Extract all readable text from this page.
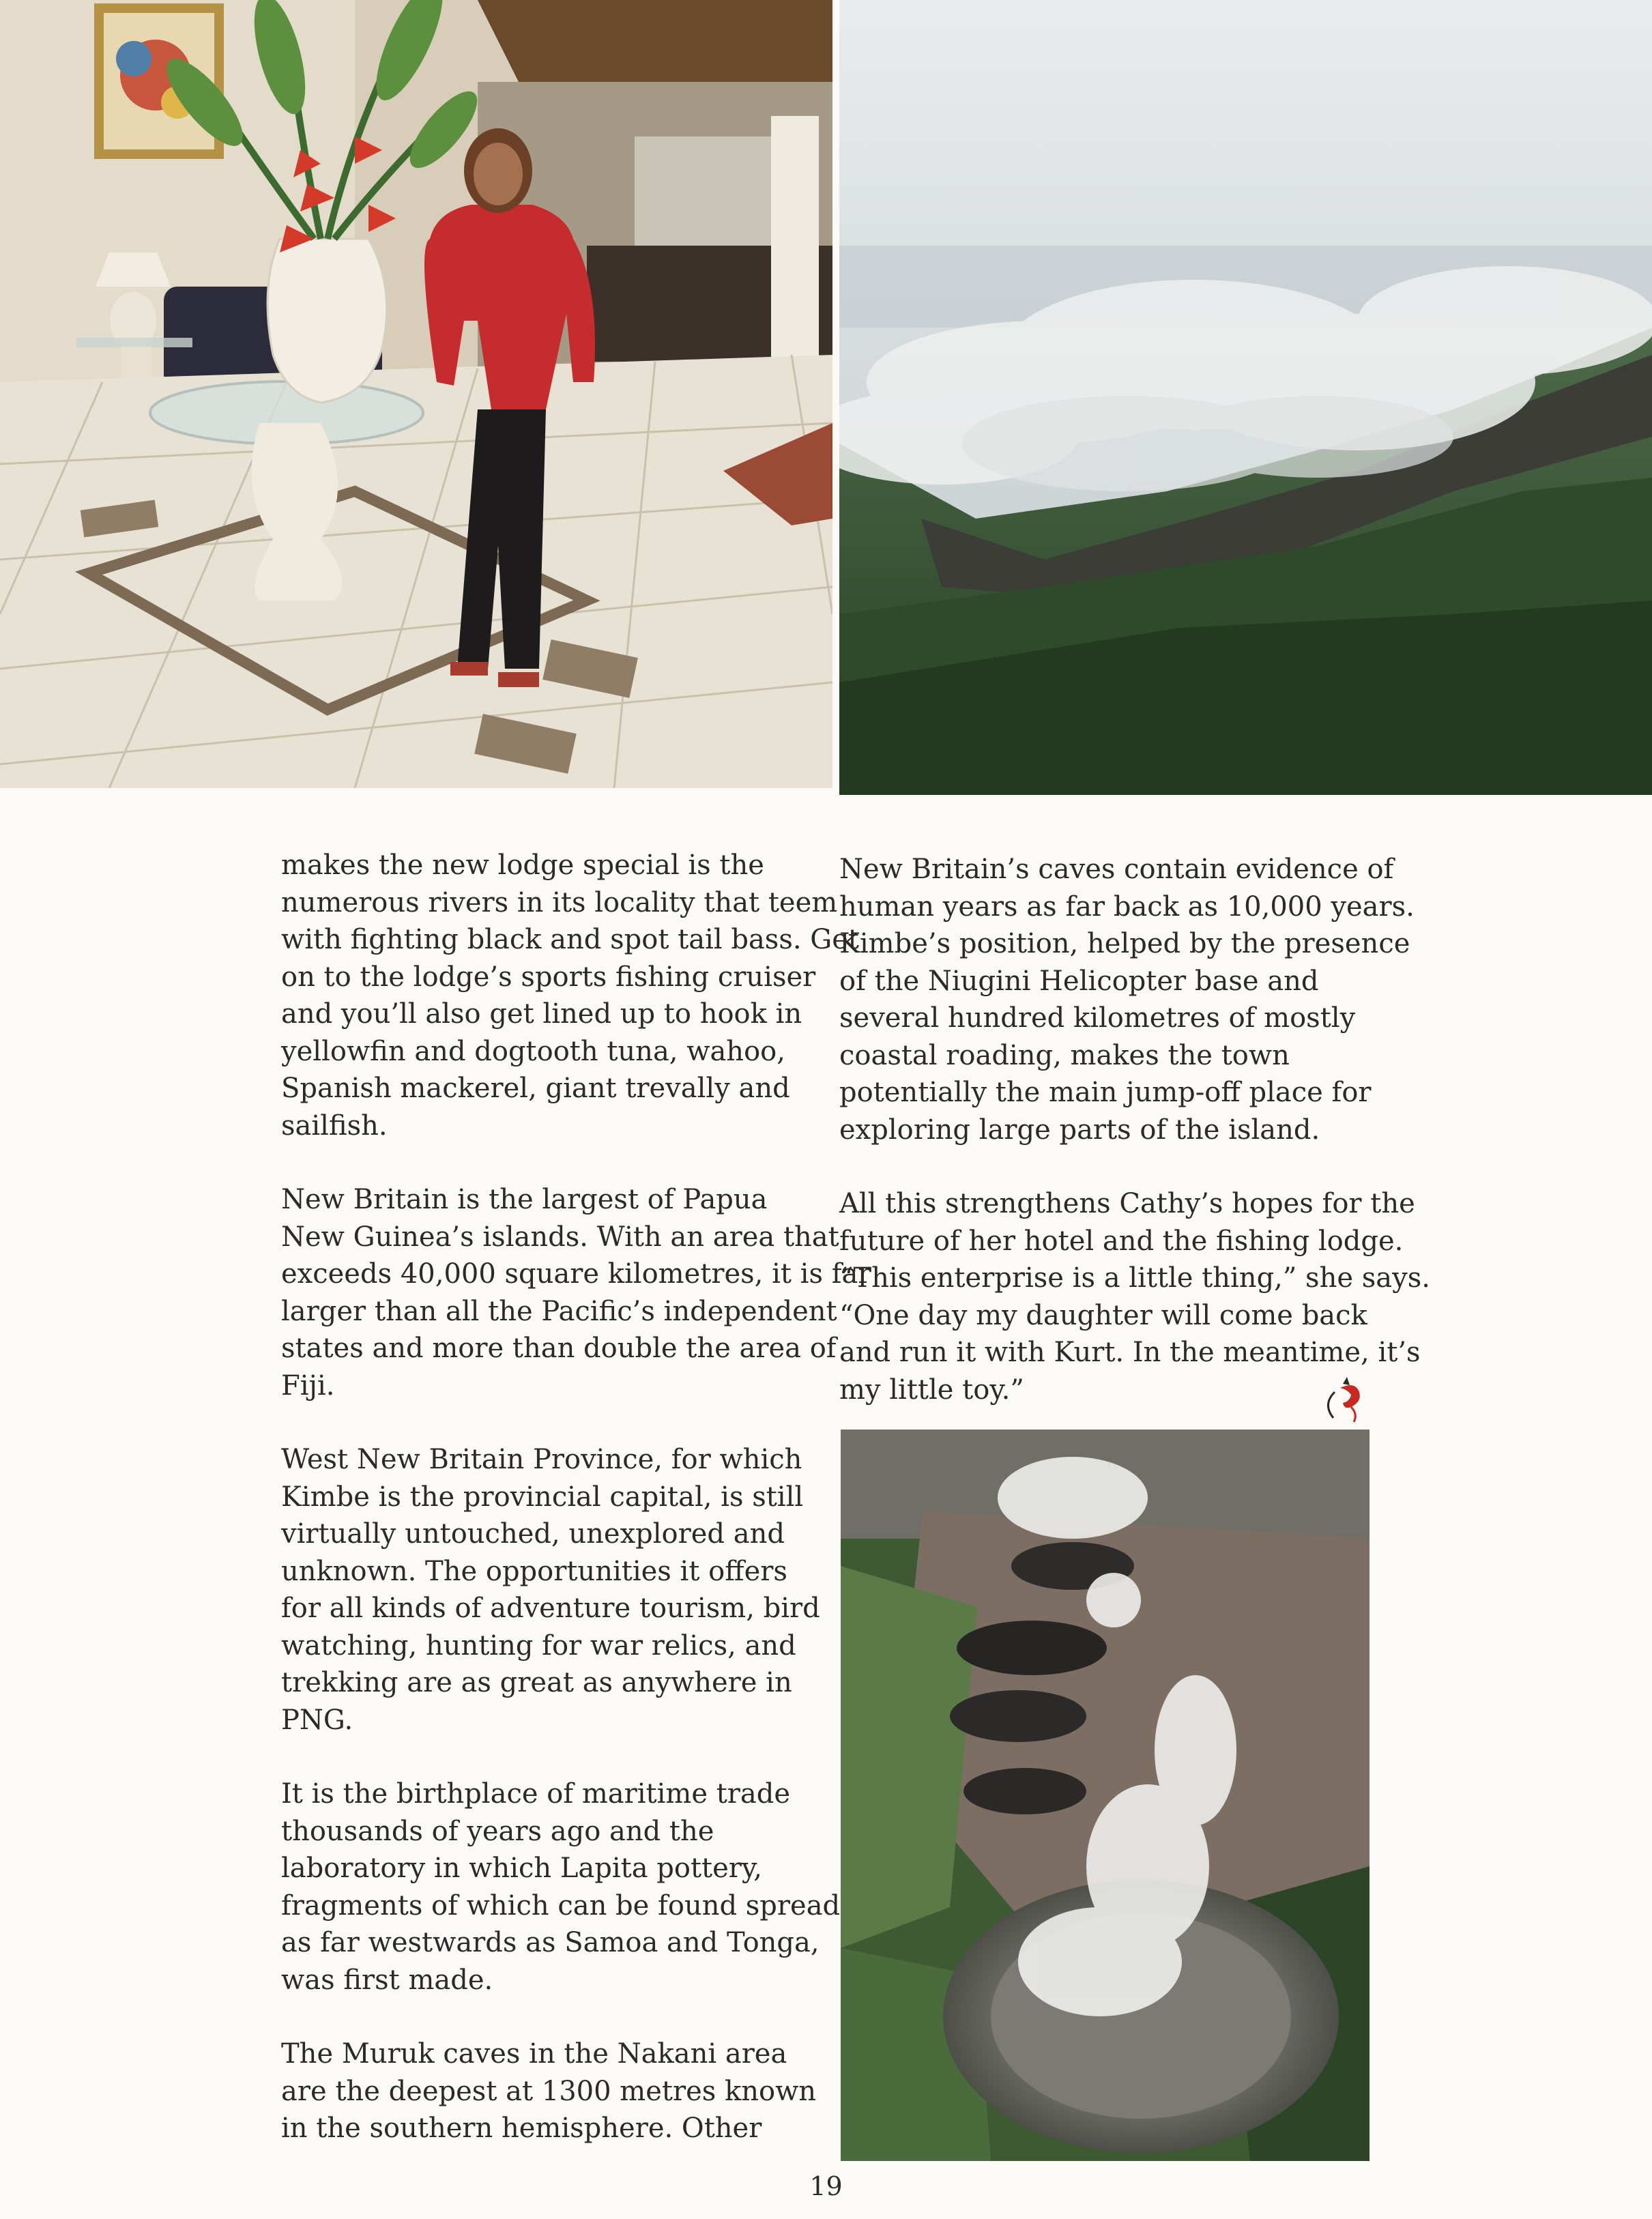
makes the new lodge special is the
numerous rivers in its locality that teem
with fighting black and spot tail bass. Get
on to the lodge’s sports fishing cruiser
and you’ll also get lined up to hook in
yellowfin and dogtooth tuna, wahoo,
Spanish mackerel, giant trevally and
sailfish.

New Britain is the largest of Papua
New Guinea’s islands. With an area that
exceeds 40,000 square kilometres, it is far
larger than all the Pacific’s independent
states and more than double the area of
Fiji.

West New Britain Province, for which
Kimbe is the provincial capital, is still
virtually untouched, unexplored and
unknown. The opportunities it offers
for all kinds of adventure tourism, bird
watching, hunting for war relics, and
trekking are as great as anywhere in
PNG.

It is the birthplace of maritime trade
thousands of years ago and the
laboratory in which Lapita pottery,
fragments of which can be found spread
as far westwards as Samoa and Tonga,
was first made.

The Muruk caves in the Nakani area
are the deepest at 1300 metres known
in the southern hemisphere. Other

New Britain’s caves contain evidence of
human years as far back as 10,000 years.
Kimbe’s position, helped by the presence
of the Niugini Helicopter base and
several hundred kilometres of mostly
coastal roading, makes the town
potentially the main jump-off place for
exploring large parts of the island.

All this strengthens Cathy’s hopes for the
future of her hotel and the fishing lodge.
“This enterprise is a little thing,” she says.
“One day my daughter will come back
and run it with Kurt. In the meantime, it’s
my little toy.”

19
